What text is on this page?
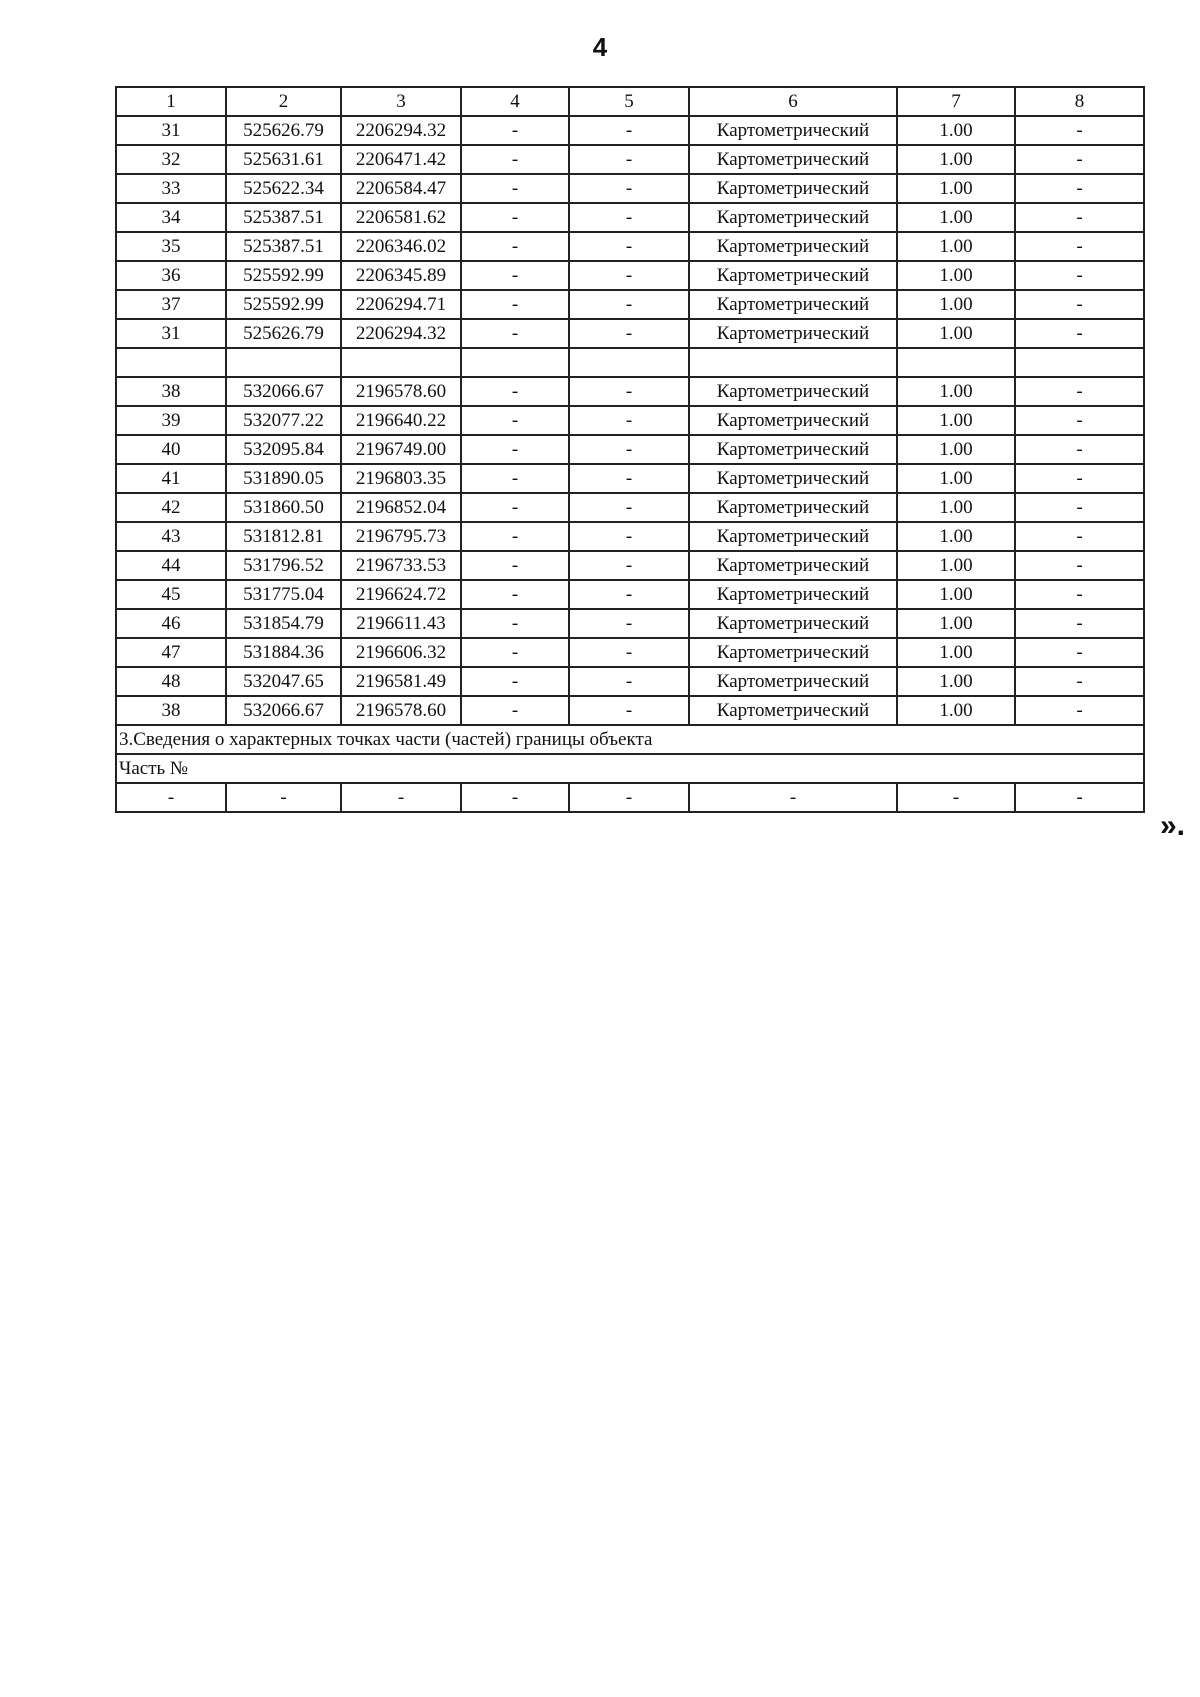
4
1	2	3	4	5	6	7	8
31	525626.79	2206294.32	-	-	Картометрический	1.00	-
32	525631.61	2206471.42	-	-	Картометрический	1.00	-
33	525622.34	2206584.47	-	-	Картометрический	1.00	-
34	525387.51	2206581.62	-	-	Картометрический	1.00	-
35	525387.51	2206346.02	-	-	Картометрический	1.00	-
36	525592.99	2206345.89	-	-	Картометрический	1.00	-
37	525592.99	2206294.71	-	-	Картометрический	1.00	-
31	525626.79	2206294.32	-	-	Картометрический	1.00	-

38	532066.67	2196578.60	-	-	Картометрический	1.00	-
39	532077.22	2196640.22	-	-	Картометрический	1.00	-
40	532095.84	2196749.00	-	-	Картометрический	1.00	-
41	531890.05	2196803.35	-	-	Картометрический	1.00	-
42	531860.50	2196852.04	-	-	Картометрический	1.00	-
43	531812.81	2196795.73	-	-	Картометрический	1.00	-
44	531796.52	2196733.53	-	-	Картометрический	1.00	-
45	531775.04	2196624.72	-	-	Картометрический	1.00	-
46	531854.79	2196611.43	-	-	Картометрический	1.00	-
47	531884.36	2196606.32	-	-	Картометрический	1.00	-
48	532047.65	2196581.49	-	-	Картометрический	1.00	-
38	532066.67	2196578.60	-	-	Картометрический	1.00	-
3.Сведения о характерных точках части (частей) границы объекта							
Часть №							
-	-	-	-	-	-	-	-
».
